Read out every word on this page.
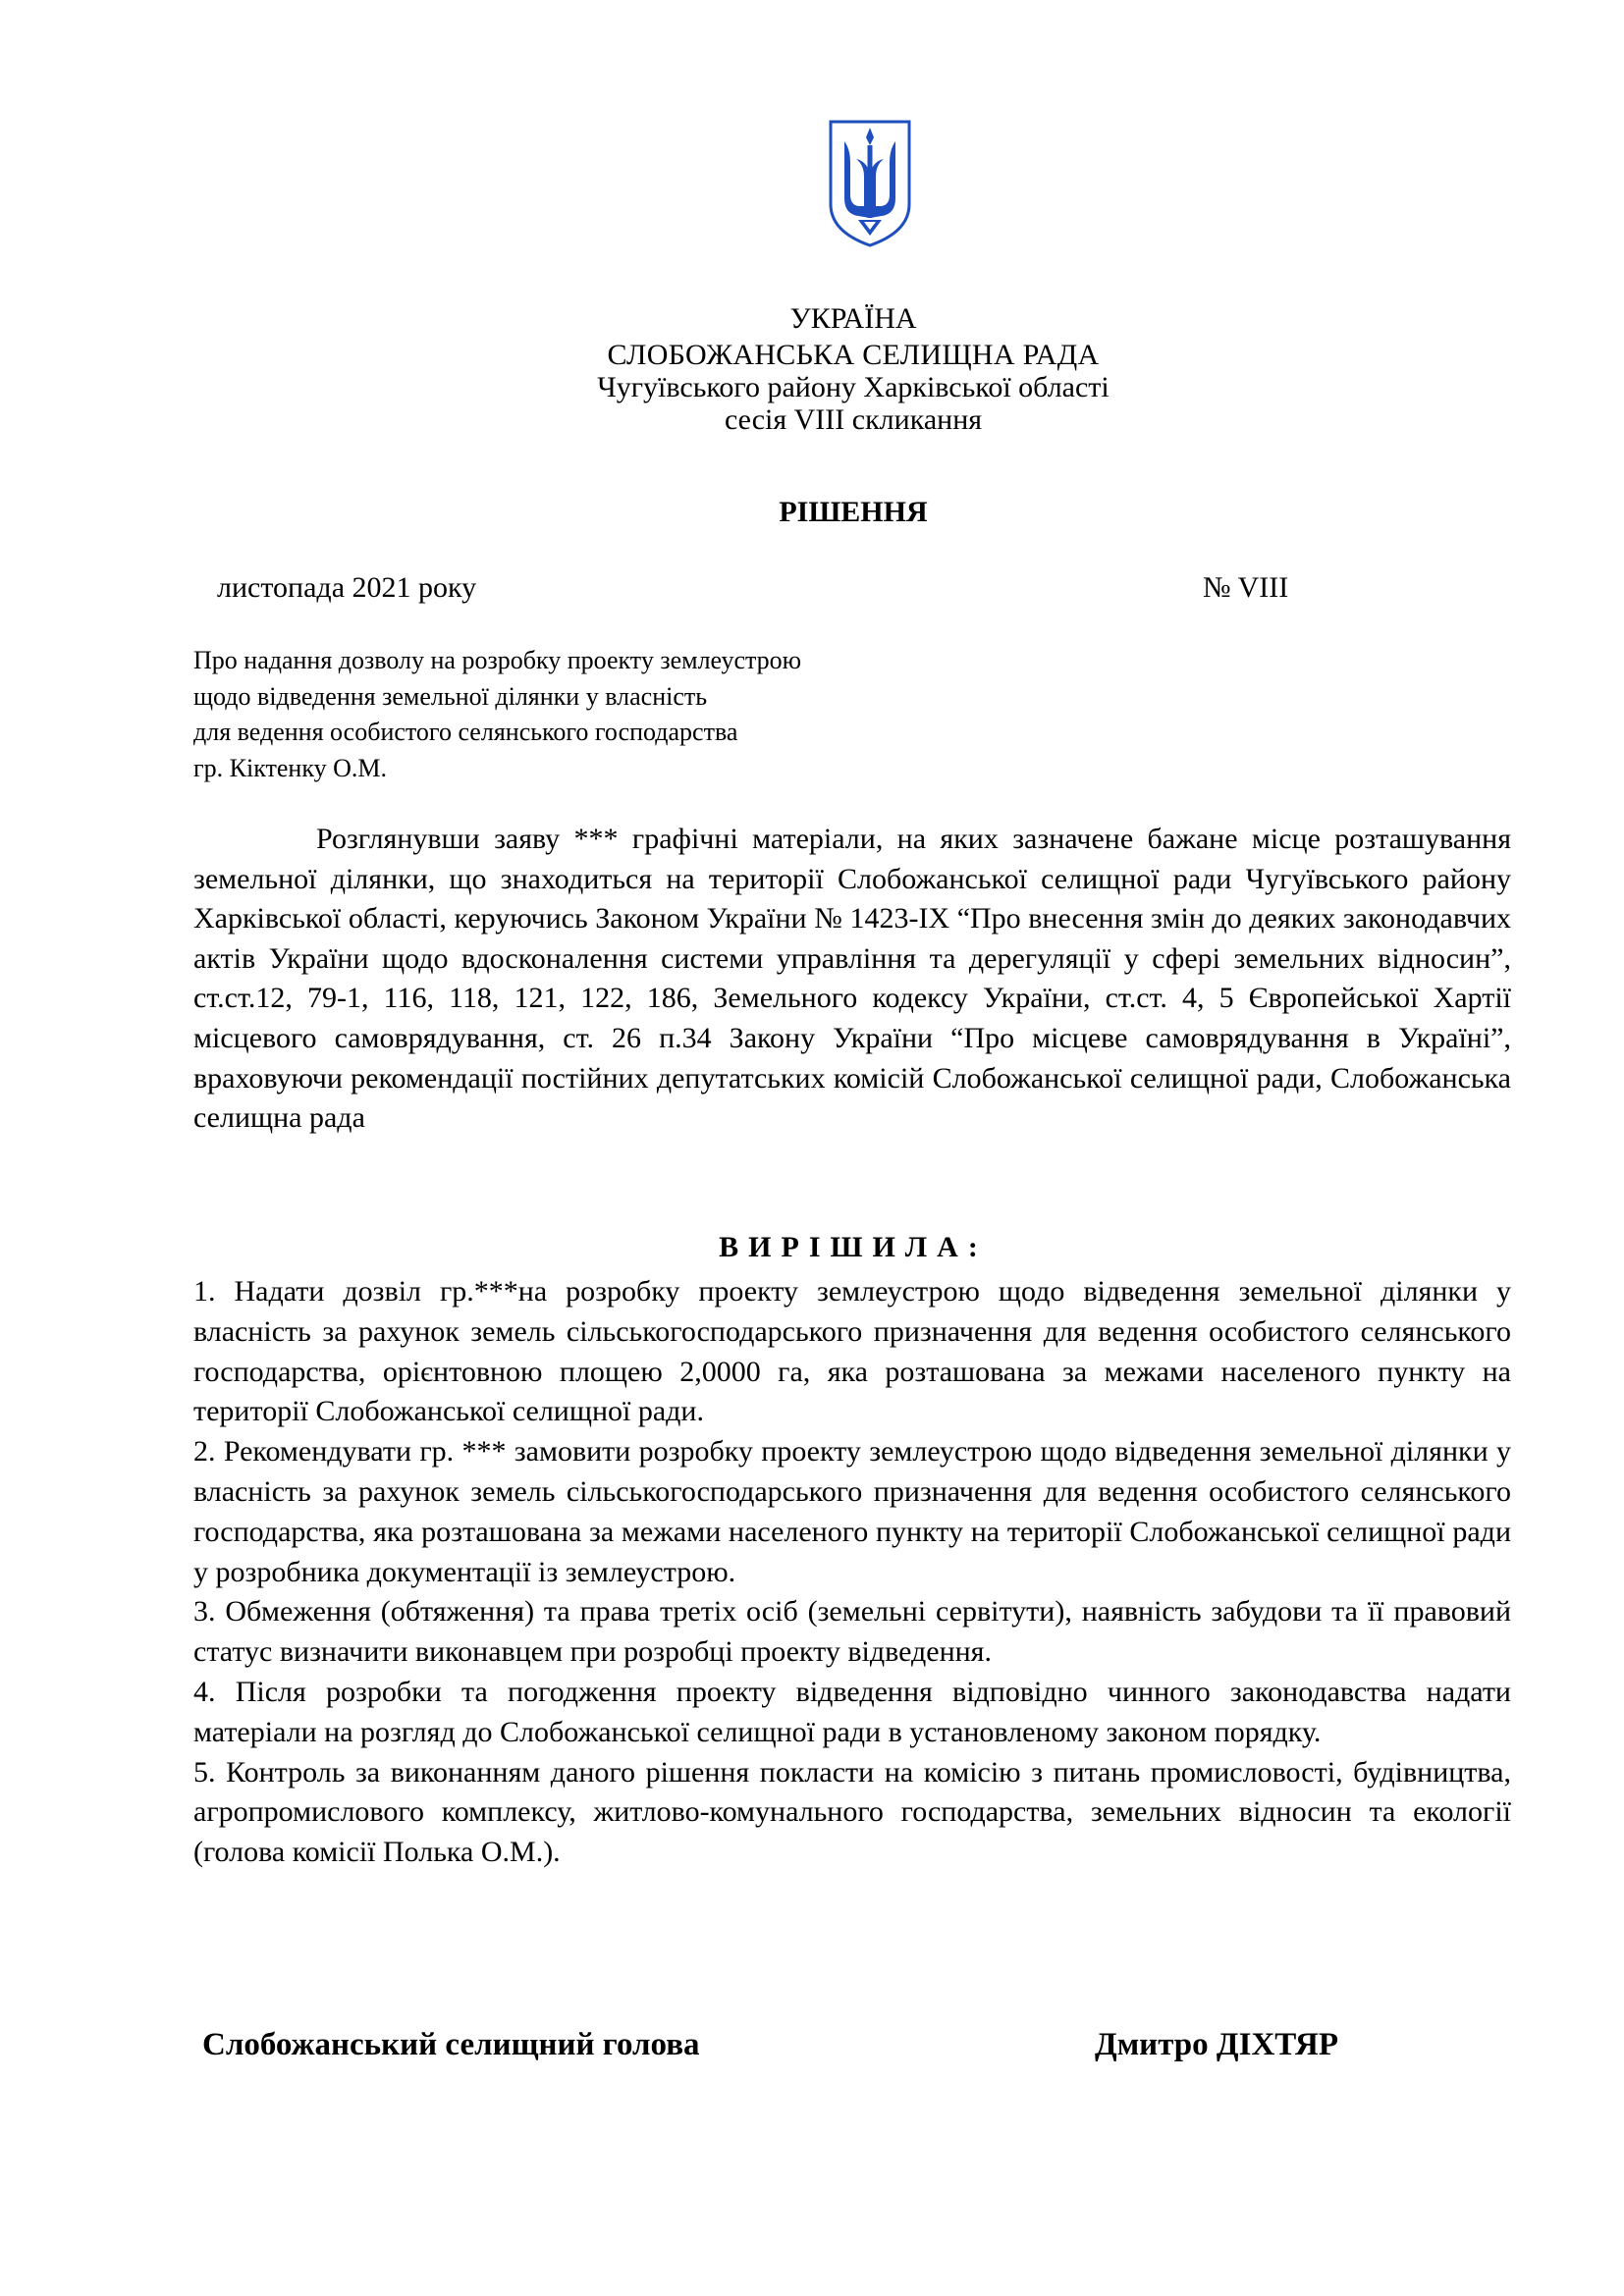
УКРАЇНА
СЛОБОЖАНСЬКА СЕЛИЩНА РАДА
Чугуївського району Харківської області
сесія VIII скликання
РІШЕННЯ
листопада 2021 року	№ VIII
Про надання дозволу на розробку проекту землеустрою
щодо відведення земельної ділянки у власність
для ведення особистого селянського господарства
гр. Кіктенку О.М.

Розглянувши заяву *** графічні матеріали, на яких зазначене бажане місце розташування земельної ділянки, що знаходиться на території Слобожанської селищної ради Чугуївського району Харківської області, керуючись Законом України № 1423-IX “Про внесення змін до деяких законодавчих актів України щодо вдосконалення системи управління та дерегуляції у сфері земельних відносин”, ст.ст.12, 79-1, 116, 118, 121, 122, 186, Земельного кодексу України, ст.ст. 4, 5 Європейської Хартії місцевого самоврядування, ст. 26 п.34 Закону України “Про місцеве самоврядування в Україні”, враховуючи рекомендації постійних депутатських комісій Слобожанської селищної ради, Слобожанська селищна рада

ВИРІШИЛА:

1. Надати дозвіл гр.***на розробку проекту землеустрою щодо відведення земельної ділянки у власність за рахунок земель сільськогосподарського призначення для ведення особистого селянського господарства, орієнтовною площею 2,0000 га, яка розташована за межами населеного пункту на території Слобожанської селищної ради.

2. Рекомендувати гр. *** замовити розробку проекту землеустрою щодо відведення земельної ділянки у власність за рахунок земель сільськогосподарського призначення для ведення особистого селянського господарства, яка розташована за межами населеного пункту на території Слобожанської селищної ради у розробника документації із землеустрою.

3. Обмеження (обтяження) та права третіх осіб (земельні сервітути), наявність забудови та її правовий статус визначити виконавцем при розробці проекту відведення.

4. Після розробки та погодження проекту відведення відповідно чинного законодавства надати матеріали на розгляд до Слобожанської селищної ради в установленому законом порядку.

5. Контроль за виконанням даного рішення покласти на комісію з питань промисловості, будівництва, агропромислового комплексу, житлово-комунального господарства, земельних відносин та екології (голова комісії Полька О.М.).

Слобожанський селищний голова	Дмитро ДІХТЯР
